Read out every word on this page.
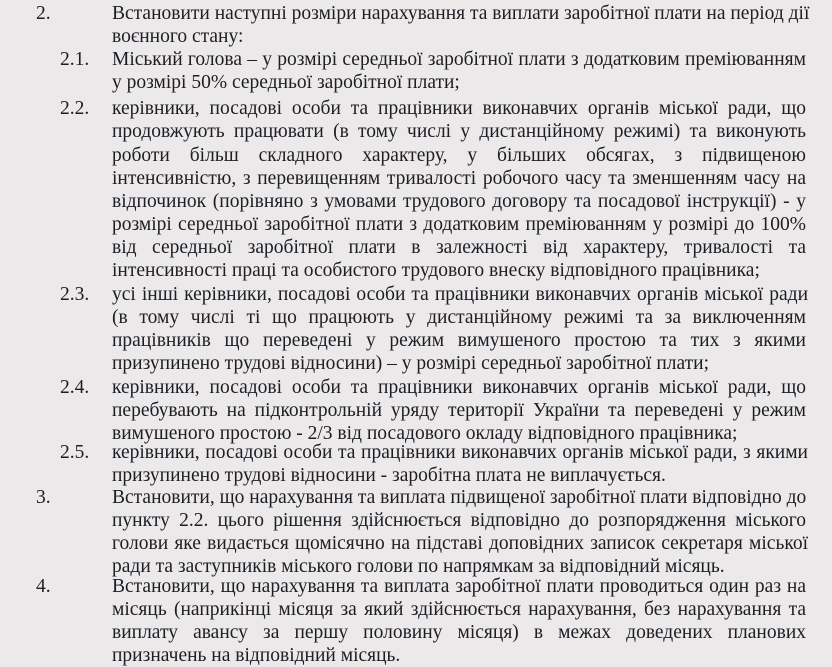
2.	Встановити наступні розміри нарахування та виплати заробітної плати на період дії
воєнного стану:
2.1. Міський голова – у розмірі середньої заробітної плати з додатковим преміюванням
у розмірі 50% середньої заробітної плати;
2.2. керівники, посадові особи та працівники виконавчих органів міської ради, що
продовжують працювати (в тому числі у дистанційному режимі) та виконують
роботи більш складного характеру, у більших обсягах, з підвищеною
інтенсивністю, з перевищенням тривалості робочого часу та зменшенням часу на
відпочинок (порівняно з умовами трудового договору та посадової інструкції) - у
розмірі середньої заробітної плати з додатковим преміюванням у розмірі до 100%
від середньої заробітної плати в залежності від характеру, тривалості та
інтенсивності праці та особистого трудового внеску відповідного працівника;
2.3. усі інші керівники, посадові особи та працівники виконавчих органів міської ради
(в тому числі ті що працюють у дистанційному режимі та за виключенням
працівників що переведені у режим вимушеного простою та тих з якими
призупинено трудові відносини) – у розмірі середньої заробітної плати;
2.4. керівники, посадові особи та працівники виконавчих органів міської ради, що
перебувають на підконтрольній уряду території України та переведені у режим
вимушеного простою - 2/3 від посадового окладу відповідного працівника;
2.5. керівники, посадові особи та працівники виконавчих органів міської ради, з якими
призупинено трудові відносини - заробітна плата не виплачується.
3.	Встановити, що нарахування та виплата підвищеної заробітної плати відповідно до
пункту 2.2. цього рішення здійснюється відповідно до розпорядження міського
голови яке видається щомісячно на підставі доповідних записок секретаря міської
ради та заступників міського голови по напрямкам за відповідний місяць.
4.	Встановити, що нарахування та виплата заробітної плати проводиться один раз на
місяць (наприкінці місяця за який здійснюється нарахування, без нарахування та
виплату авансу за першу половину місяця) в межах доведених планових
призначень на відповідний місяць.
